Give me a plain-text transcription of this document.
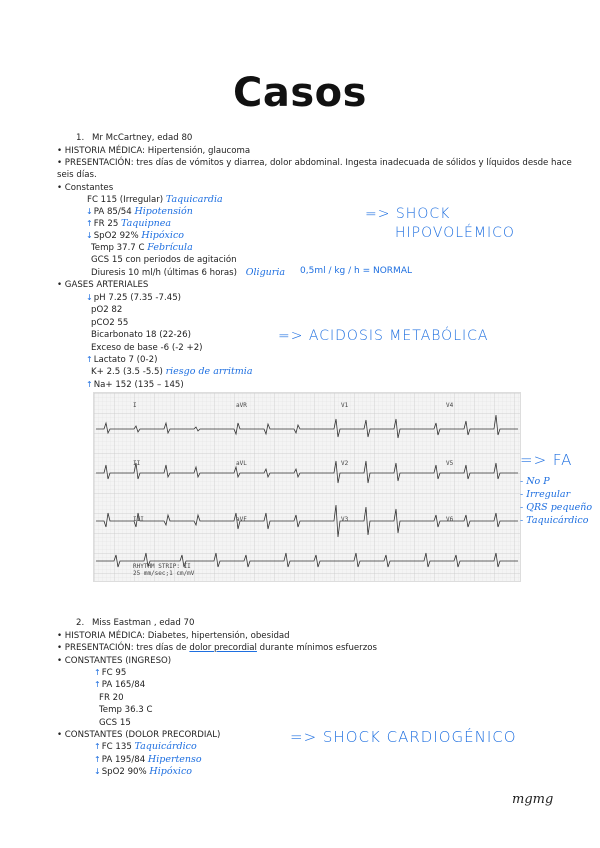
Casos
1. Mr McCartney, edad 80
• HISTORIA MÉDICA: Hipertensión, glaucoma
• PRESENTACIÓN: tres días de vómitos y diarrea, dolor abdominal. Ingesta inadecuada de sólidos y líquidos desde hace
seis días.
• Constantes
FC 115 (Irregular) Taquicardia
↓PA 85/54 Hipotensión
↑FR 25 Taquipnea
↓SpO2 92% Hipóxico
Temp 37.7 C Febrícula
GCS 15 con periodos de agitación
Diuresis 10 ml/h (últimas 6 horas) Oliguria 0,5ml / kg / h = NORMAL
=> SHOCK
HIPOVOLÉMICO
• GASES ARTERIALES
↓pH 7.25 (7.35 -7.45)
pO2 82
pCO2 55
Bicarbonato 18 (22-26)
Exceso de base -6 (-2 +2)
↑Lactato 7 (0-2)
K+ 2.5 (3.5 -5.5) riesgo de arritmia
↑Na+ 152 (135 – 145)
=> ACIDOSIS METABÓLICA
I	aVR	V1	V4
II	aVL	V2	V5
III	aVF	V3	V6
RHYTHM STRIP: II
25 mm/sec;1 cm/mV
=> FA
- No P
- Irregular
- QRS pequeño
- Taquicárdico
2. Miss Eastman , edad 70
• HISTORIA MÉDICA: Diabetes, hipertensión, obesidad
• PRESENTACIÓN: tres días de dolor precordial durante mínimos esfuerzos
• CONSTANTES (INGRESO)
↑FC 95
↑PA 165/84
FR 20
Temp 36.3 C
GCS 15
• CONSTANTES (DOLOR PRECORDIAL)
↑FC 135 Taquicárdico
↑PA 195/84 Hipertenso
↓SpO2 90% Hipóxico
=> SHOCK CARDIOGÉNICO
mgmg
